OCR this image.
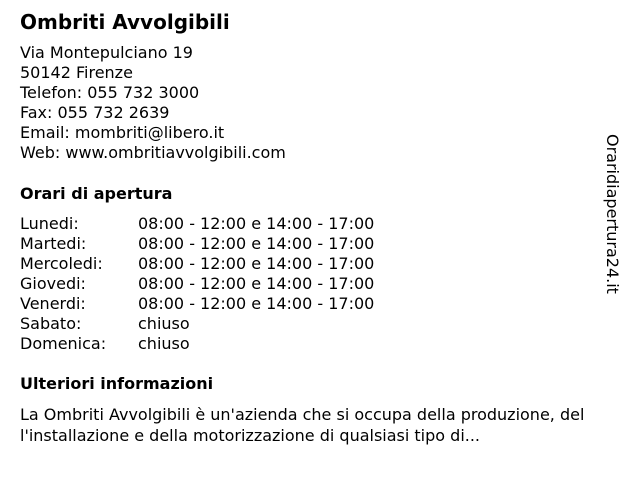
Ombriti Avvolgibili
Via Montepulciano 19
50142 Firenze
Telefon: 055 732 3000
Fax: 055 732 2639
Email: mombriti@libero.it
Web: www.ombritiavvolgibili.com
Orari di apertura
Lunedi:	08:00 - 12:00 e 14:00 - 17:00
Martedi:	08:00 - 12:00 e 14:00 - 17:00
Mercoledi:	08:00 - 12:00 e 14:00 - 17:00
Giovedi:	08:00 - 12:00 e 14:00 - 17:00
Venerdi:	08:00 - 12:00 e 14:00 - 17:00
Sabato:	chiuso
Domenica:	chiuso
Ulteriori informazioni

La Ombriti Avvolgibili è un'azienda che si occupa della produzione, dell'installazione e della motorizzazione di qualsiasi tipo di...

Oraridiapertura24.it
